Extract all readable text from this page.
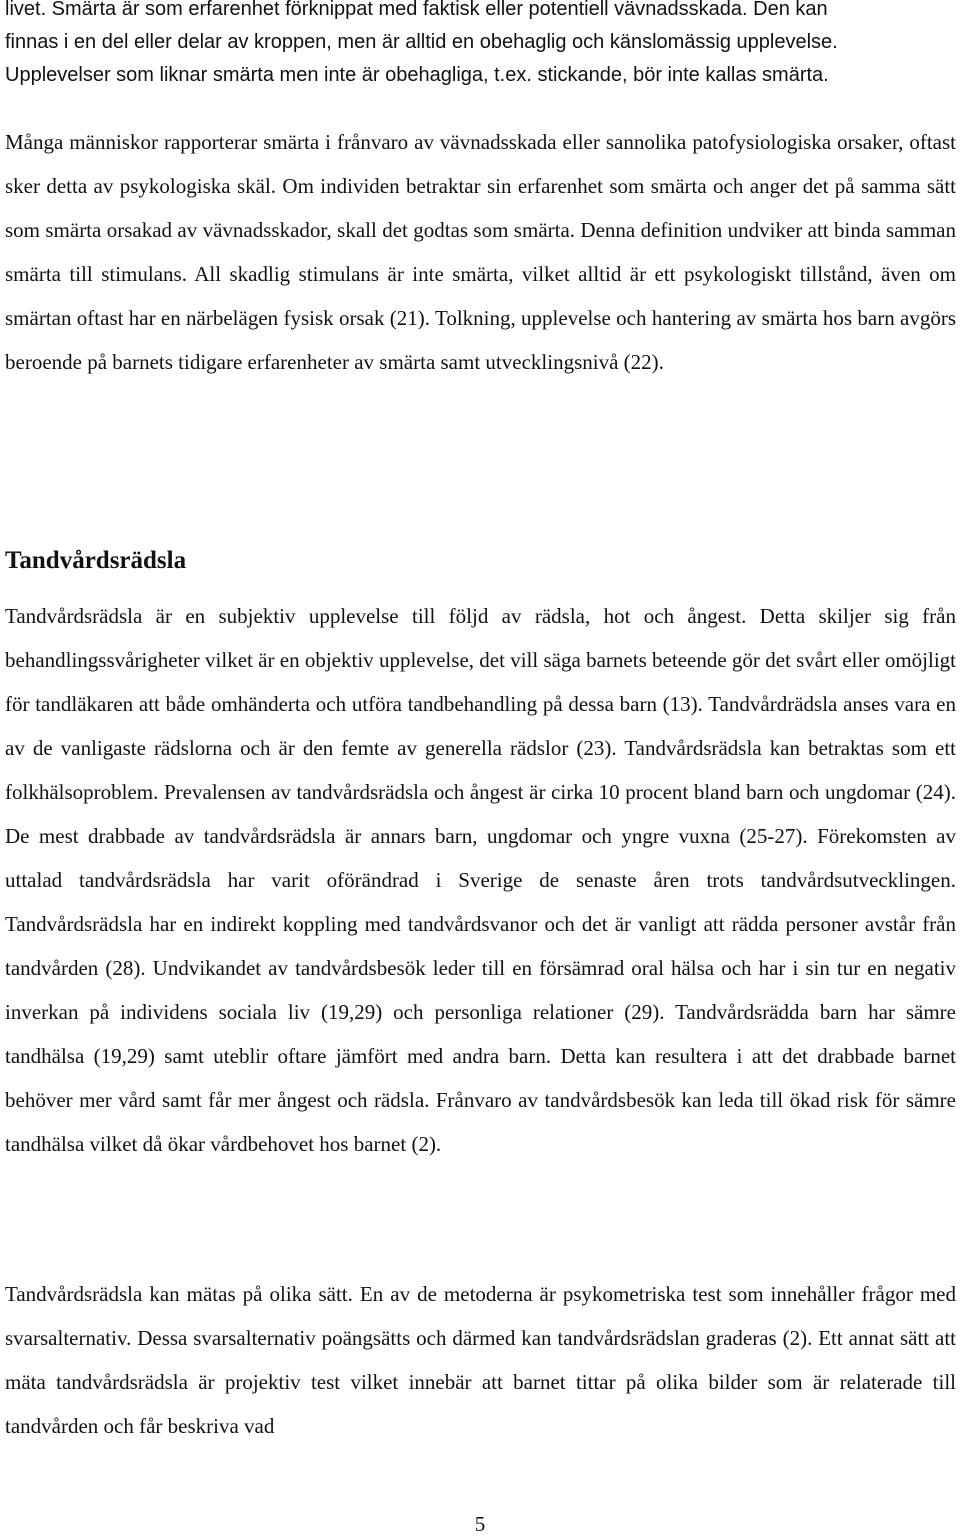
livet. Smärta är som erfarenhet förknippat med faktisk eller potentiell vävnadsskada. Den kan
finnas i en del eller delar av kroppen, men är alltid en obehaglig och känslomässig upplevelse.
Upplevelser som liknar smärta men inte är obehagliga, t.ex. stickande, bör inte kallas smärta.

Många människor rapporterar smärta i frånvaro av vävnadsskada eller sannolika patofysiologiska orsaker, oftast sker detta av psykologiska skäl. Om individen betraktar sin erfarenhet som smärta och anger det på samma sätt som smärta orsakad av vävnadsskador, skall det godtas som smärta. Denna definition undviker att binda samman smärta till stimulans. All skadlig stimulans är inte smärta, vilket alltid är ett psykologiskt tillstånd, även om smärtan oftast har en närbelägen fysisk orsak (21). Tolkning, upplevelse och hantering av smärta hos barn avgörs beroende på barnets tidigare erfarenheter av smärta samt utvecklingsnivå (22).

Tandvårdsrädsla

Tandvårdsrädsla är en subjektiv upplevelse till följd av rädsla, hot och ångest. Detta skiljer sig från behandlingssvårigheter vilket är en objektiv upplevelse, det vill säga barnets beteende gör det svårt eller omöjligt för tandläkaren att både omhänderta och utföra tandbehandling på dessa barn (13). Tandvårdrädsla anses vara en av de vanligaste rädslorna och är den femte av generella rädslor (23). Tandvårdsrädsla kan betraktas som ett folkhälsoproblem. Prevalensen av tandvårdsrädsla och ångest är cirka 10 procent bland barn och ungdomar (24). De mest drabbade av tandvårdsrädsla är annars barn, ungdomar och yngre vuxna (25-27). Förekomsten av uttalad tandvårdsrädsla har varit oförändrad i Sverige de senaste åren trots tandvårdsutvecklingen. Tandvårdsrädsla har en indirekt koppling med tandvårdsvanor och det är vanligt att rädda personer avstår från tandvården (28). Undvikandet av tandvårdsbesök leder till en försämrad oral hälsa och har i sin tur en negativ inverkan på individens sociala liv (19,29) och personliga relationer (29). Tandvårdsrädda barn har sämre tandhälsa (19,29) samt uteblir oftare jämfört med andra barn. Detta kan resultera i att det drabbade barnet behöver mer vård samt får mer ångest och rädsla. Frånvaro av tandvårdsbesök kan leda till ökad risk för sämre tandhälsa vilket då ökar vårdbehovet hos barnet (2).

Tandvårdsrädsla kan mätas på olika sätt. En av de metoderna är psykometriska test som innehåller frågor med svarsalternativ. Dessa svarsalternativ poängsätts och därmed kan tandvårdsrädslan graderas (2). Ett annat sätt att mäta tandvårdsrädsla är projektiv test vilket innebär att barnet tittar på olika bilder som är relaterade till tandvården och får beskriva vad

5
